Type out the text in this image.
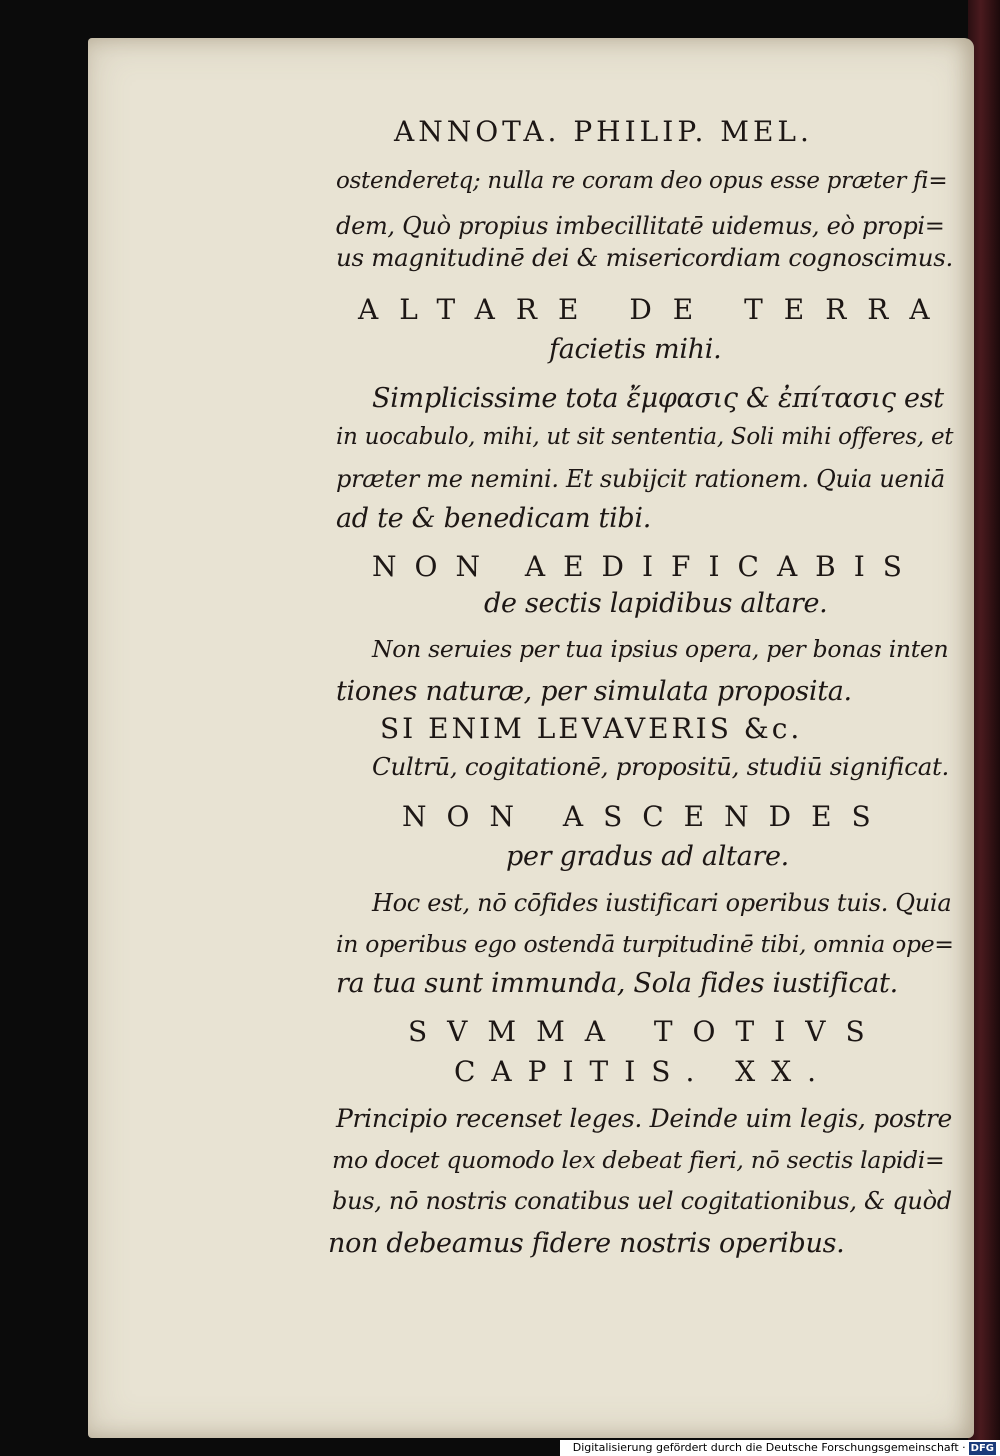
ANNOTA. PHILIP. MEL.
ostenderetq; nulla re coram deo opus esse præter fi=
dem, Quò propius imbecillitatē uidemus, eò propi=
us magnitudinē dei & misericordiam cognoscimus.
ALTARE DE TERRA
facietis mihi.
Simplicissime tota ἔμφασις & ἐπίτασις est
in uocabulo, mihi, ut sit sententia, Soli mihi offeres, et
præter me nemini. Et subijcit rationem. Quia ueniā
ad te & benedicam tibi.
NON AEDIFICABIS
de sectis lapidibus altare.
Non seruies per tua ipsius opera, per bonas inten
tiones naturæ, per simulata proposita.
SI ENIM LEVAVERIS &c.
Cultrū, cogitationē, propositū, studiū significat.
NON ASCENDES
per gradus ad altare.
Hoc est, nō cōfides iustificari operibus tuis. Quia
in operibus ego ostendā turpitudinē tibi, omnia ope=
ra tua sunt immunda, Sola fides iustificat.
SVMMA TOTIVS
CAPITIS. XX.
Principio recenset leges. Deinde uim legis, postre
mo docet quomodo lex debeat fieri, nō sectis lapidi=
bus, nō nostris conatibus uel cogitationibus, & quòd
non debeamus fidere nostris operibus.
Digitalisierung gefördert durch die Deutsche Forschungsgemeinschaft · DFG
